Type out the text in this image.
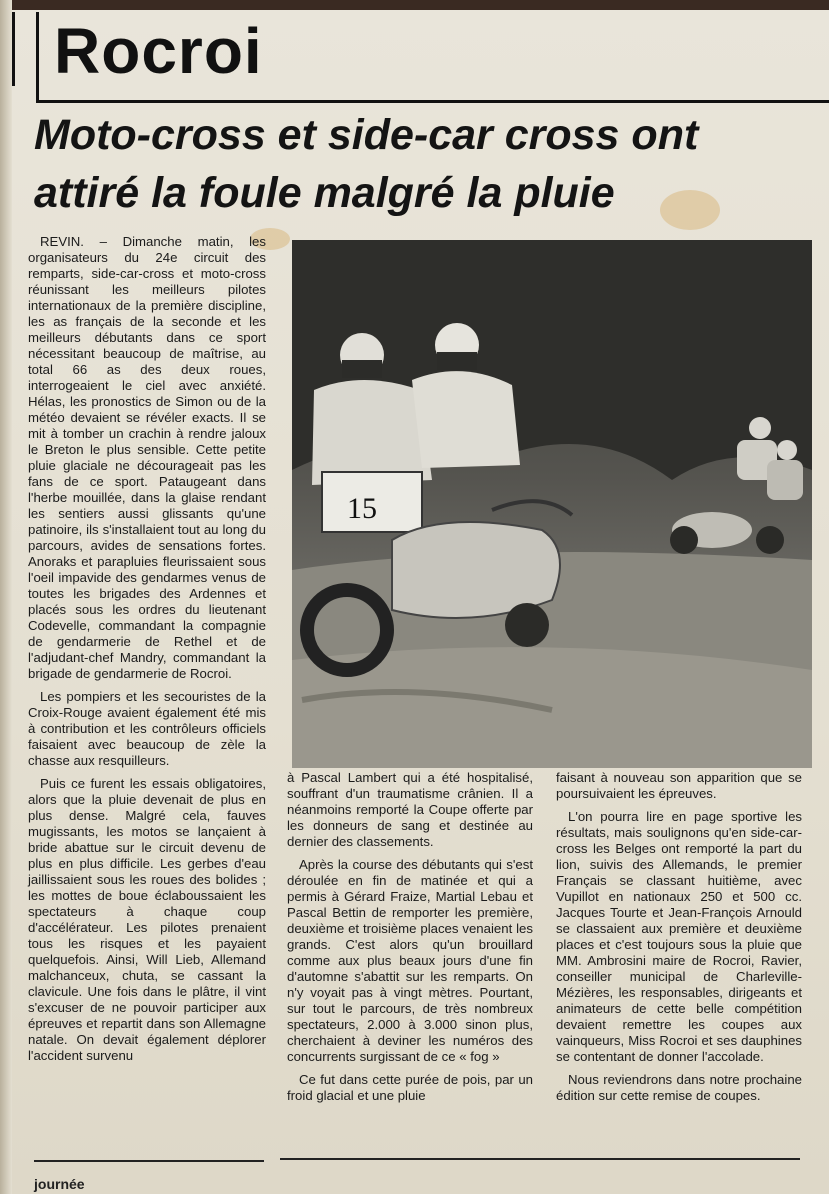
Rocroi
Moto-cross et side-car cross ont
attiré la foule malgré la pluie

REVIN. – Dimanche matin, les organisateurs du 24e circuit des remparts, side-car-cross et moto-cross réunissant les meilleurs pilotes internationaux de la première discipline, les as français de la seconde et les meilleurs débutants dans ce sport nécessitant beaucoup de maîtrise, au total 66 as des deux roues, interrogeaient le ciel avec anxiété. Hélas, les pronostics de Simon ou de la météo devaient se révéler exacts. Il se mit à tomber un crachin à rendre jaloux le Breton le plus sensible. Cette petite pluie glaciale ne décourageait pas les fans de ce sport. Pataugeant dans l'herbe mouillée, dans la glaise rendant les sentiers aussi glissants qu'une patinoire, ils s'installaient tout au long du parcours, avides de sensations fortes. Anoraks et parapluies fleurissaient sous l'oeil impavide des gendarmes venus de toutes les brigades des Ardennes et placés sous les ordres du lieutenant Codevelle, commandant la compagnie de gendarmerie de Rethel et de l'adjudant-chef Mandry, commandant la brigade de gendarmerie de Rocroi.

Les pompiers et les secouristes de la Croix-Rouge avaient également été mis à contribution et les contrôleurs officiels faisaient avec beaucoup de zèle la chasse aux resquilleurs.

Puis ce furent les essais obligatoires, alors que la pluie devenait de plus en plus dense. Malgré cela, fauves mugissants, les motos se lançaient à bride abattue sur le circuit devenu de plus en plus difficile. Les gerbes d'eau jaillissaient sous les roues des bolides ; les mottes de boue éclaboussaient les spectateurs à chaque coup d'accélérateur. Les pilotes prenaient tous les risques et les payaient quelquefois. Ainsi, Will Lieb, Allemand malchanceux, chuta, se cassant la clavicule. Une fois dans le plâtre, il vint s'excuser de ne pouvoir participer aux épreuves et repartit dans son Allemagne natale. On devait également déplorer l'accident survenu

15

à Pascal Lambert qui a été hospitalisé, souffrant d'un traumatisme crânien. Il a néanmoins remporté la Coupe offerte par les donneurs de sang et destinée au dernier des classements.

Après la course des débutants qui s'est déroulée en fin de matinée et qui a permis à Gérard Fraize, Martial Lebau et Pascal Bettin de remporter les première, deuxième et troisième places venaient les grands. C'est alors qu'un brouillard comme aux plus beaux jours d'une fin d'automne s'abattit sur les remparts. On n'y voyait pas à vingt mètres. Pourtant, sur tout le parcours, de très nombreux spectateurs, 2.000 à 3.000 sinon plus, cherchaient à deviner les numéros des concurrents surgissant de ce « fog »

Ce fut dans cette purée de pois, par un froid glacial et une pluie

faisant à nouveau son apparition que se poursuivaient les épreuves.

L'on pourra lire en page sportive les résultats, mais soulignons qu'en side-car-cross les Belges ont remporté la part du lion, suivis des Allemands, le premier Français se classant huitième, avec Vupillot en nationaux 250 et 500 cc. Jacques Tourte et Jean-François Arnould se classaient aux première et deuxième places et c'est toujours sous la pluie que MM. Ambrosini maire de Rocroi, Ravier, conseiller municipal de Charleville-Mézières, les responsables, dirigeants et animateurs de cette belle compétition devaient remettre les coupes aux vainqueurs, Miss Rocroi et ses dauphines se contentant de donner l'accolade.

Nous reviendrons dans notre prochaine édition sur cette remise de coupes.

journée
